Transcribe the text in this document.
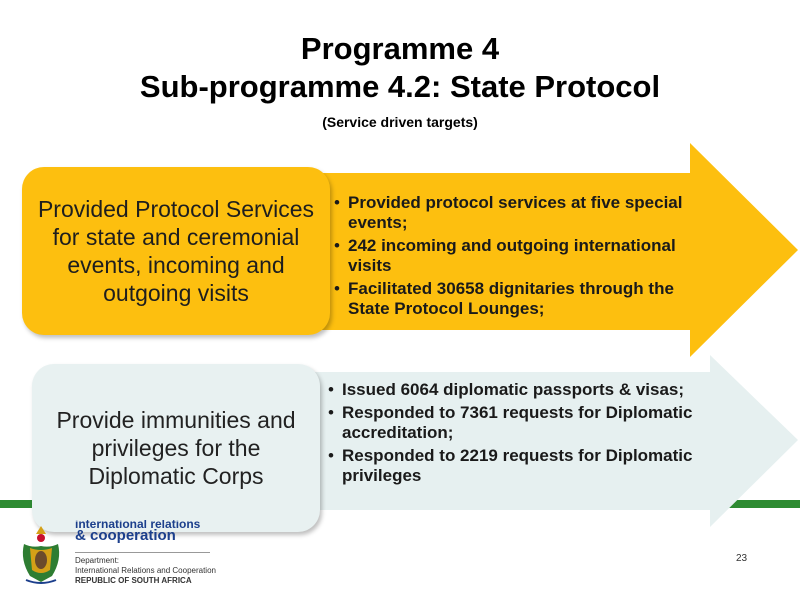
Programme 4
Sub-programme 4.2: State Protocol
(Service driven targets)
Provided Protocol Services for state and ceremonial events, incoming and outgoing visits
• Provided protocol services at five special events;
• 242 incoming and outgoing international visits
• Facilitated 30658 dignitaries through the State Protocol Lounges;
Provide immunities and privileges for the Diplomatic Corps
• Issued 6064 diplomatic passports & visas;
• Responded to 7361 requests for Diplomatic accreditation;
• Responded to 2219 requests for Diplomatic privileges
international relations
& cooperation
Department:
International Relations and Cooperation
REPUBLIC OF SOUTH AFRICA
23
